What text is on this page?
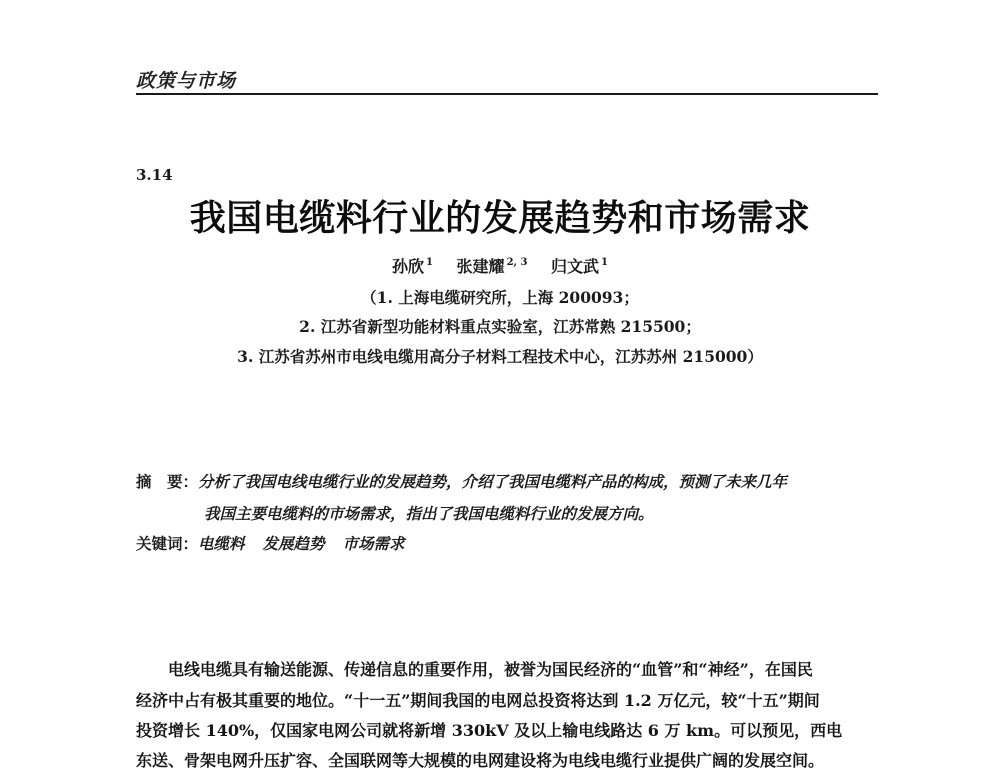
政策与市场
3.14
我国电缆料行业的发展趋势和市场需求
孙欣 $^1$ 张建耀 $^{2, 3}$ 归文武 $^1$
（1. 上海电缆研究所，上海 200093；
2. 江苏省新型功能材料重点实验室，江苏常熟 215500；
3. 江苏省苏州市电线电缆用高分子材料工程技术中心，江苏苏州 215000）
摘　要：分析了我国电线电缆行业的发展趋势，介绍了我国电缆料产品的构成，预测了未来几年
我国主要电缆料的市场需求，指出了我国电缆料行业的发展方向。
关键词：电缆料 发展趋势 市场需求
电线电缆具有输送能源、传递信息的重要作用，被誉为国民经济的“血管”和“神经”，在国民
经济中占有极其重要的地位。“十一五”期间我国的电网总投资将达到 1.2 万亿元，较“十五”期间
投资增长 140%，仅国家电网公司就将新增 330kV 及以上输电线路达 6 万 km。可以预见，西电
东送、骨架电网升压扩容、全国联网等大规模的电网建设将为电线电缆行业提供广阔的发展空间。
